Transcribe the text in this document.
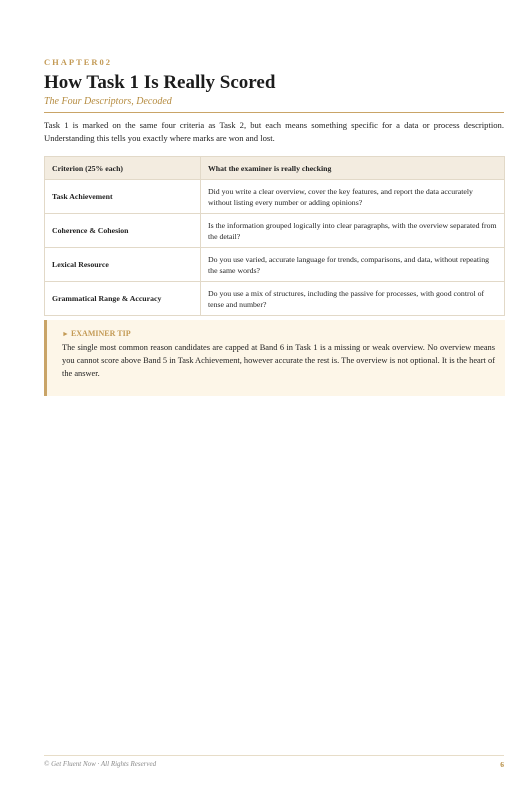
CHAPTER02
How Task 1 Is Really Scored
The Four Descriptors, Decoded

Task 1 is marked on the same four criteria as Task 2, but each means something specific for a data or process description. Understanding this tells you exactly where marks are won and lost.

Criterion (25% each)	What the examiner is really checking
Task Achievement	Did you write a clear overview, cover the key features, and report the data accurately without listing every number or adding opinions?
Coherence & Cohesion	Is the information grouped logically into clear paragraphs, with the overview separated from the detail?
Lexical Resource	Do you use varied, accurate language for trends, comparisons, and data, without repeating the same words?
Grammatical Range & Accuracy	Do you use a mix of structures, including the passive for processes, with good control of tense and number?
► EXAMINER TIP

The single most common reason candidates are capped at Band 6 in Task 1 is a missing or weak overview. No overview means you cannot score above Band 5 in Task Achievement, however accurate the rest is. The overview is not optional. It is the heart of the answer.

© Get Fluent Now · All Rights Reserved	6
